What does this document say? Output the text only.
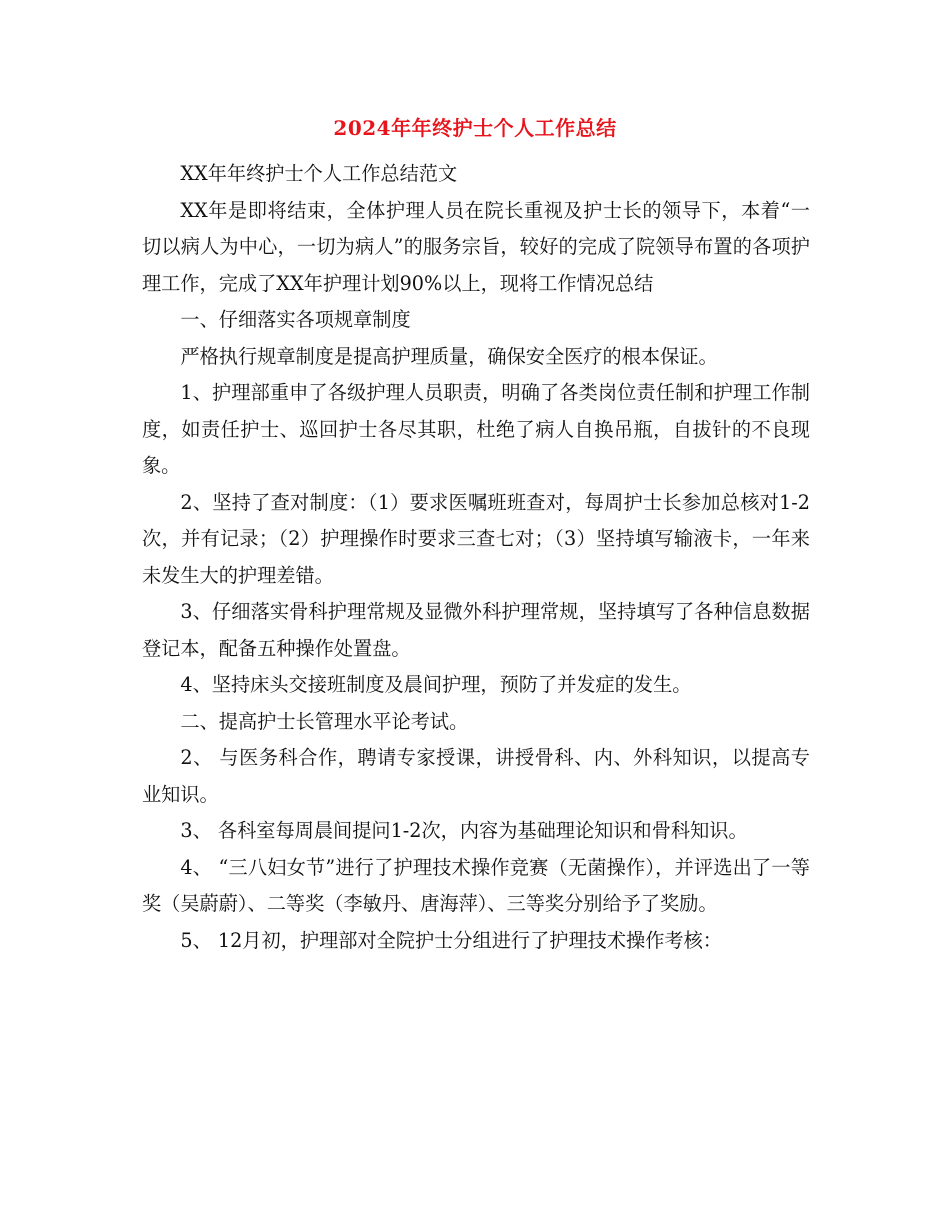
2024年年终护士个人工作总结

XX年年终护士个人工作总结范文

XX年是即将结束，全体护理人员在院长重视及护士长的领导下，本着“一切以病人为中心，一切为病人”的服务宗旨，较好的完成了院领导布置的各项护理工作，完成了XX年护理计划90%以上，现将工作情况总结

一、仔细落实各项规章制度

严格执行规章制度是提高护理质量，确保安全医疗的根本保证。

1、护理部重申了各级护理人员职责，明确了各类岗位责任制和护理工作制度，如责任护士、巡回护士各尽其职，杜绝了病人自换吊瓶，自拔针的不良现象。

2、坚持了查对制度：（1）要求医嘱班班查对，每周护士长参加总核对1-2次，并有记录；（2）护理操作时要求三查七对；（3）坚持填写输液卡，一年来未发生大的护理差错。

3、仔细落实骨科护理常规及显微外科护理常规，坚持填写了各种信息数据登记本，配备五种操作处置盘。

4、坚持床头交接班制度及晨间护理，预防了并发症的发生。

二、提高护士长管理水平论考试。

2、 与医务科合作，聘请专家授课，讲授骨科、内、外科知识，以提高专业知识。

3、 各科室每周晨间提问1-2次，内容为基础理论知识和骨科知识。

4、 “三八妇女节”进行了护理技术操作竞赛（无菌操作），并评选出了一等奖（吴蔚蔚）、二等奖（李敏丹、唐海萍）、三等奖分别给予了奖励。

5、 12月初，护理部对全院护士分组进行了护理技术操作考核：
